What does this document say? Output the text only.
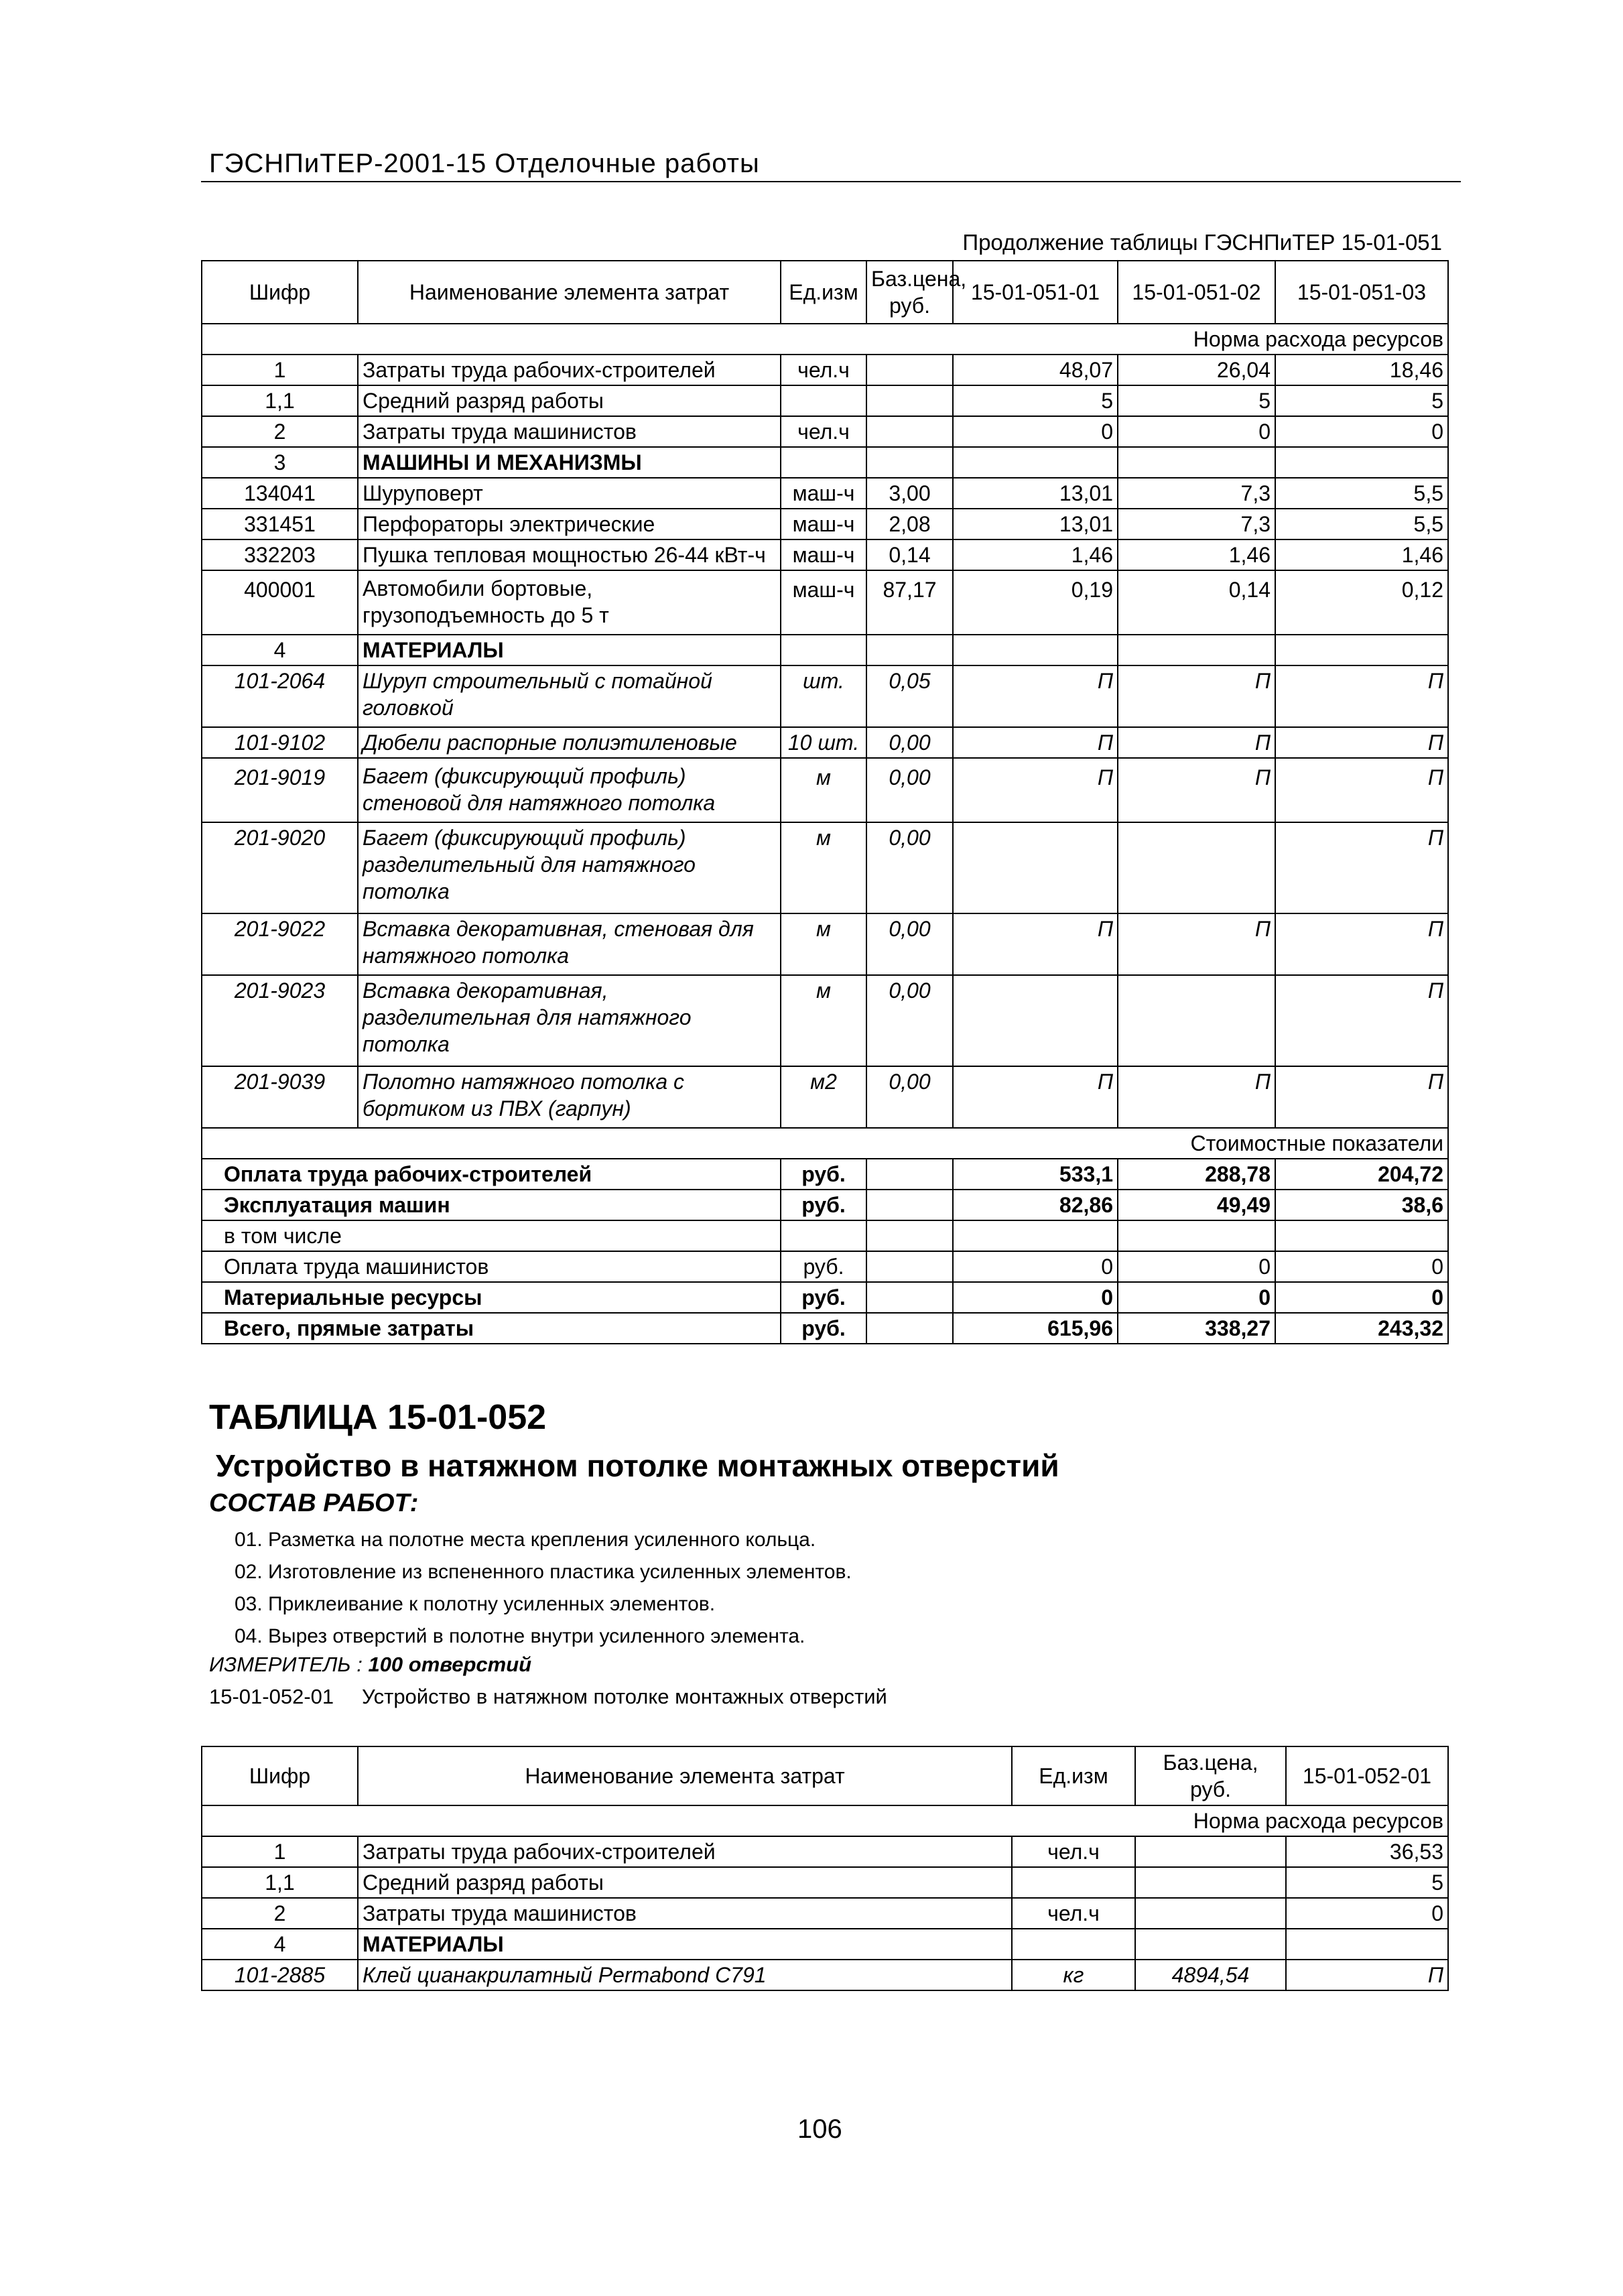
ГЭСНПиТЕР-2001-15 Отделочные работы
Продолжение таблицы ГЭСНПиТЕР 15-01-051
Шифр	Наименование элемента затрат	Ед.изм	Баз.цена, руб.	15-01-051-01	15-01-051-02	15-01-051-03
Норма расхода ресурсов						
1	Затраты труда рабочих-строителей	чел.ч		48,07	26,04	18,46
1,1	Средний разряд работы			5	5	5
2	Затраты труда машинистов	чел.ч		0	0	0
3	МАШИНЫ И МЕХАНИЗМЫ					
134041	Шуруповерт	маш-ч	3,00	13,01	7,3	5,5
331451	Перфораторы электрические	маш-ч	2,08	13,01	7,3	5,5
332203	Пушка тепловая мощностью 26-44 кВт-ч	маш-ч	0,14	1,46	1,46	1,46
400001	Автомобили бортовые, грузоподъемность до 5 т	маш-ч	87,17	0,19	0,14	0,12
4	МАТЕРИАЛЫ					
101-2064	Шуруп строительный с потайной головкой	шт.	0,05	П	П	П
101-9102	Дюбели распорные полиэтиленовые	10 шт.	0,00	П	П	П
201-9019	Багет (фиксирующий профиль) стеновой для натяжного потолка	м	0,00	П	П	П
201-9020	Багет (фиксирующий профиль) разделительный для натяжного потолка	м	0,00			П
201-9022	Вставка декоративная, стеновая для натяжного потолка	м	0,00	П	П	П
201-9023	Вставка декоративная, разделительная для натяжного потолка	м	0,00			П
201-9039	Полотно натяжного потолка с бортиком из ПВХ (гарпун)	м2	0,00	П	П	П
Стоимостные показатели						
Оплата труда рабочих-строителей		руб.		533,1	288,78	204,72
Эксплуатация машин		руб.		82,86	49,49	38,6
в том числе						
Оплата труда машинистов		руб.		0	0	0
Материальные ресурсы		руб.		0	0	0
Всего, прямые затраты		руб.		615,96	338,27	243,32
ТАБЛИЦА 15-01-052
Устройство в натяжном потолке монтажных отверстий
СОСТАВ РАБОТ:
01. Разметка на полотне места крепления усиленного кольца.
02. Изготовление из вспененного пластика усиленных элементов.
03. Приклеивание к полотну усиленных элементов.
04. Вырез отверстий в полотне внутри усиленного элемента.
ИЗМЕРИТЕЛЬ : 100 отверстий
15-01-052-01 Устройство в натяжном потолке монтажных отверстий
Шифр	Наименование элемента затрат	Ед.изм	Баз.цена, руб.	15-01-052-01
Норма расхода ресурсов				
1	Затраты труда рабочих-строителей	чел.ч		36,53
1,1	Средний разряд работы			5
2	Затраты труда машинистов	чел.ч		0
4	МАТЕРИАЛЫ			
101-2885	Клей цианакрилатный Permabond C791	кг	4894,54	П
106
